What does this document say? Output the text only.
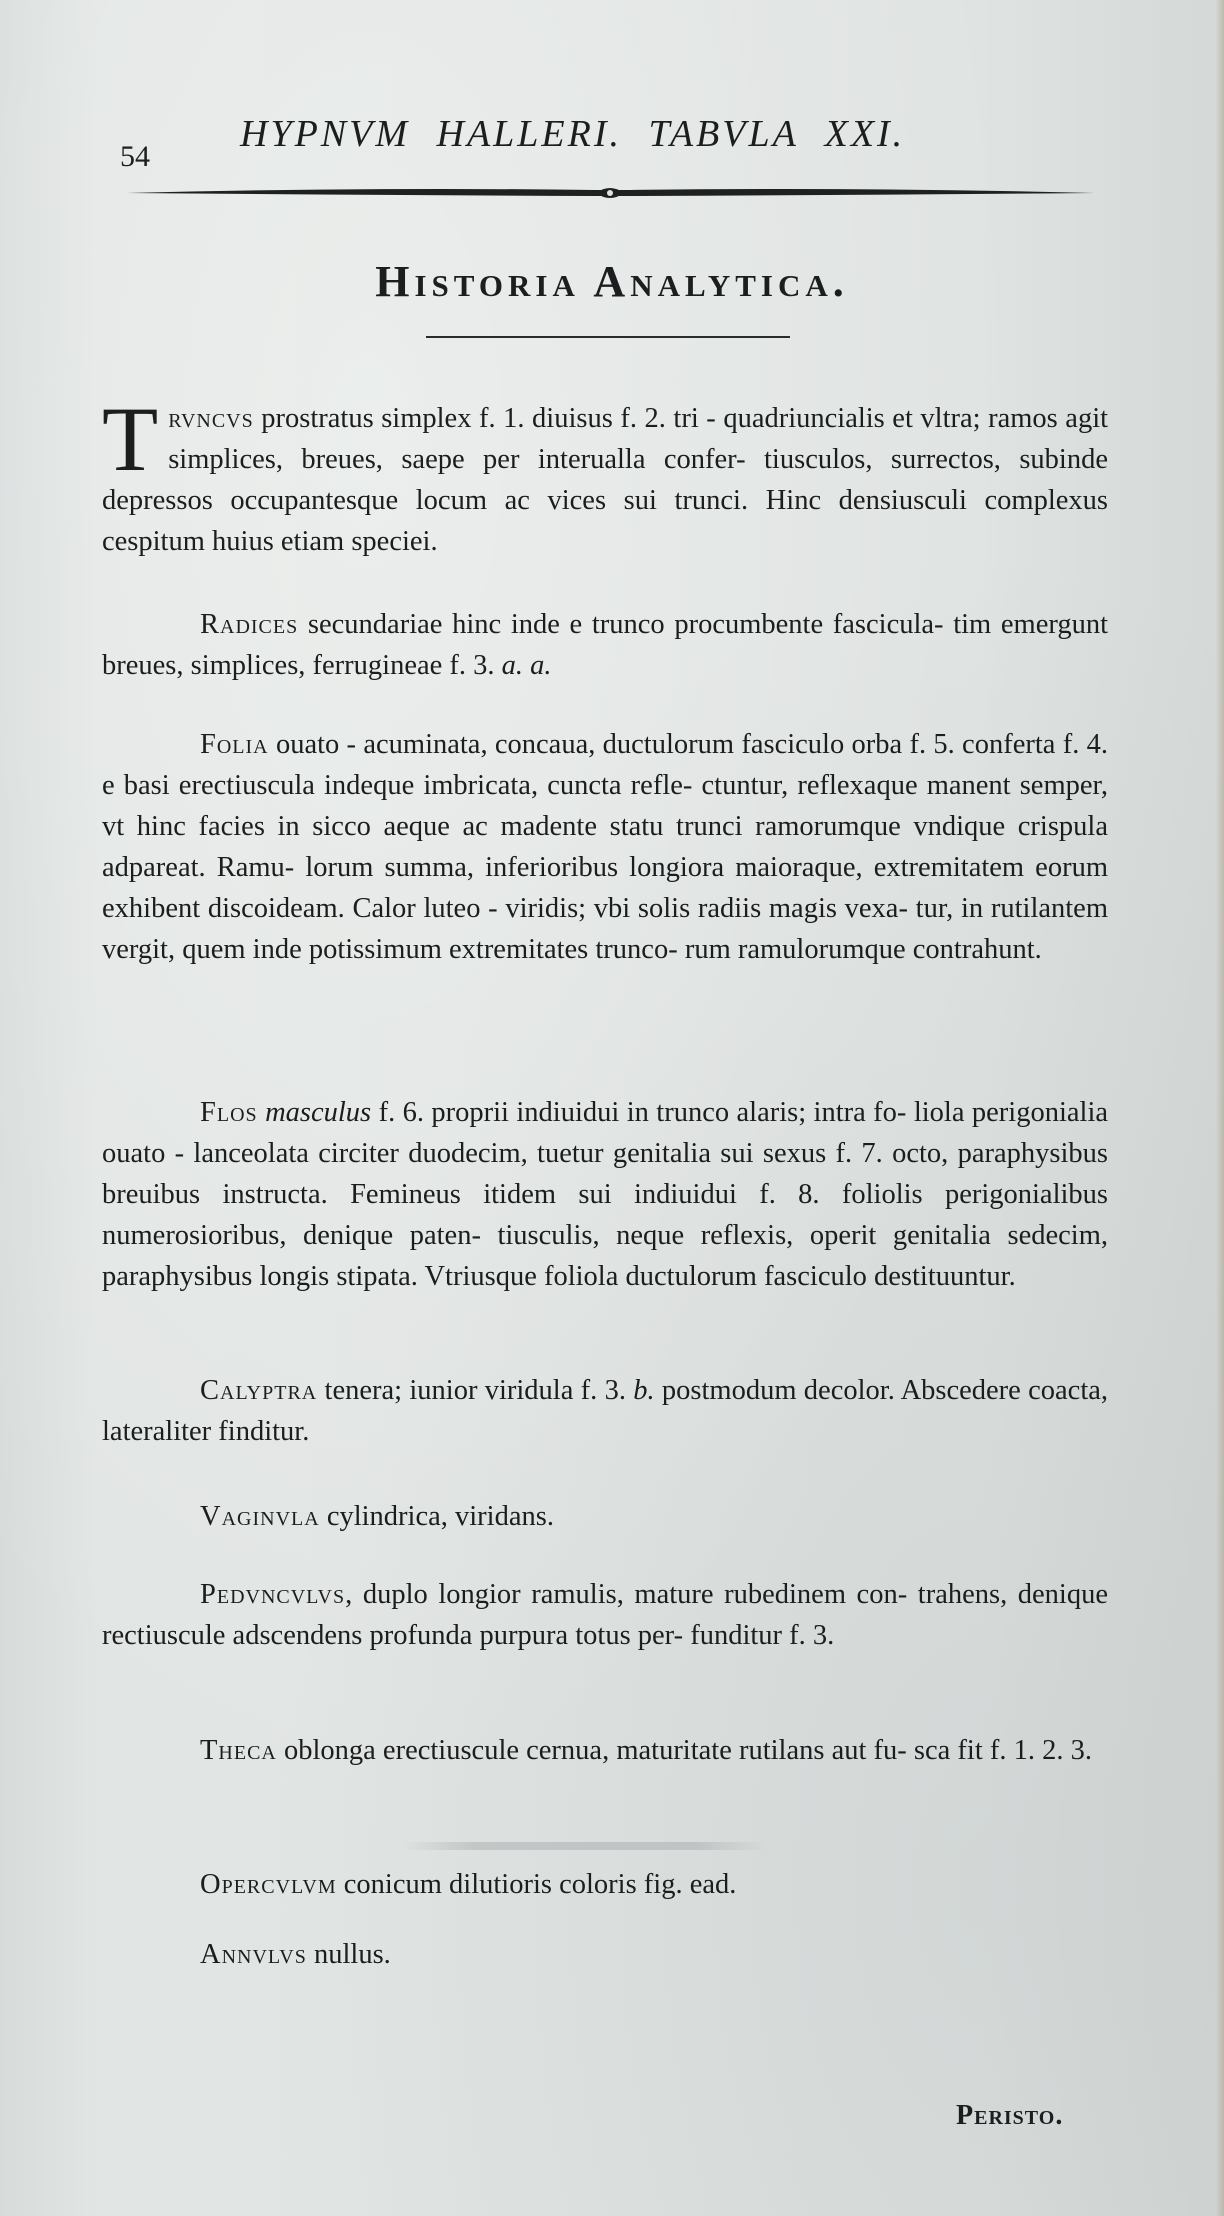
54
HYPNVM HALLERI. TABVLA XXI.
Historia Analytica.
T rvncvs prostratus simplex f. 1. diuisus f. 2. tri - quadriuncialis et vltra; ramos agit simplices, breues, saepe per interualla confer- tiusculos, surrectos, subinde depressos occupantesque locum ac vices sui trunci. Hinc densiusculi complexus cespitum huius etiam speciei.
Radices secundariae hinc inde e trunco procumbente fascicula- tim emergunt breues, simplices, ferrugineae f. 3. a. a.
Folia ouato - acuminata, concaua, ductulorum fasciculo orba f. 5. conferta f. 4. e basi erectiuscula indeque imbricata, cuncta refle- ctuntur, reflexaque manent semper, vt hinc facies in sicco aeque ac madente statu trunci ramorumque vndique crispula adpareat. Ramu- lorum summa, inferioribus longiora maioraque, extremitatem eorum exhibent discoideam. Calor luteo - viridis; vbi solis radiis magis vexa- tur, in rutilantem vergit, quem inde potissimum extremitates trunco- rum ramulorumque contrahunt.
Flos masculus f. 6. proprii indiuidui in trunco alaris; intra fo- liola perigonialia ouato - lanceolata circiter duodecim, tuetur genitalia sui sexus f. 7. octo, paraphysibus breuibus instructa. Femineus itidem sui indiuidui f. 8. foliolis perigonialibus numerosioribus, denique paten- tiusculis, neque reflexis, operit genitalia sedecim, paraphysibus longis stipata. Vtriusque foliola ductulorum fasciculo destituuntur.
Calyptra tenera; iunior viridula f. 3. b. postmodum decolor. Abscedere coacta, lateraliter finditur.
Vaginvla cylindrica, viridans.
Pedvncvlvs, duplo longior ramulis, mature rubedinem con- trahens, denique rectiuscule adscendens profunda purpura totus per- funditur f. 3.
Theca oblonga erectiuscule cernua, maturitate rutilans aut fu- sca fit f. 1. 2. 3.
Opercvlvm conicum dilutioris coloris fig. ead.
Annvlvs nullus.
Peristo.
